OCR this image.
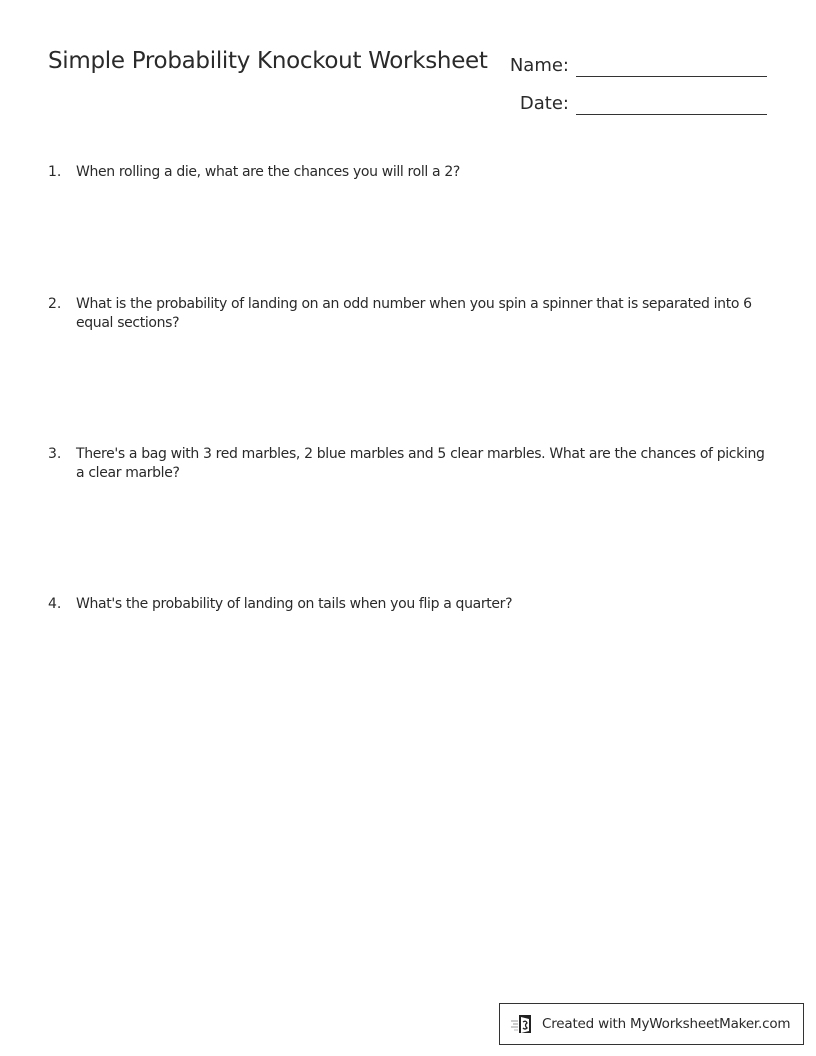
Simple Probability Knockout Worksheet	Name:
Date:
1.	When rolling a die, what are the chances you will roll a 2?
2.	What is the probability of landing on an odd number when you spin a spinner that is separated into 6 equal sections?
3.	There's a bag with 3 red marbles, 2 blue marbles and 5 clear marbles. What are the chances of picking a clear marble?
4.	What's the probability of landing on tails when you flip a quarter?
Created with MyWorksheetMaker.com
